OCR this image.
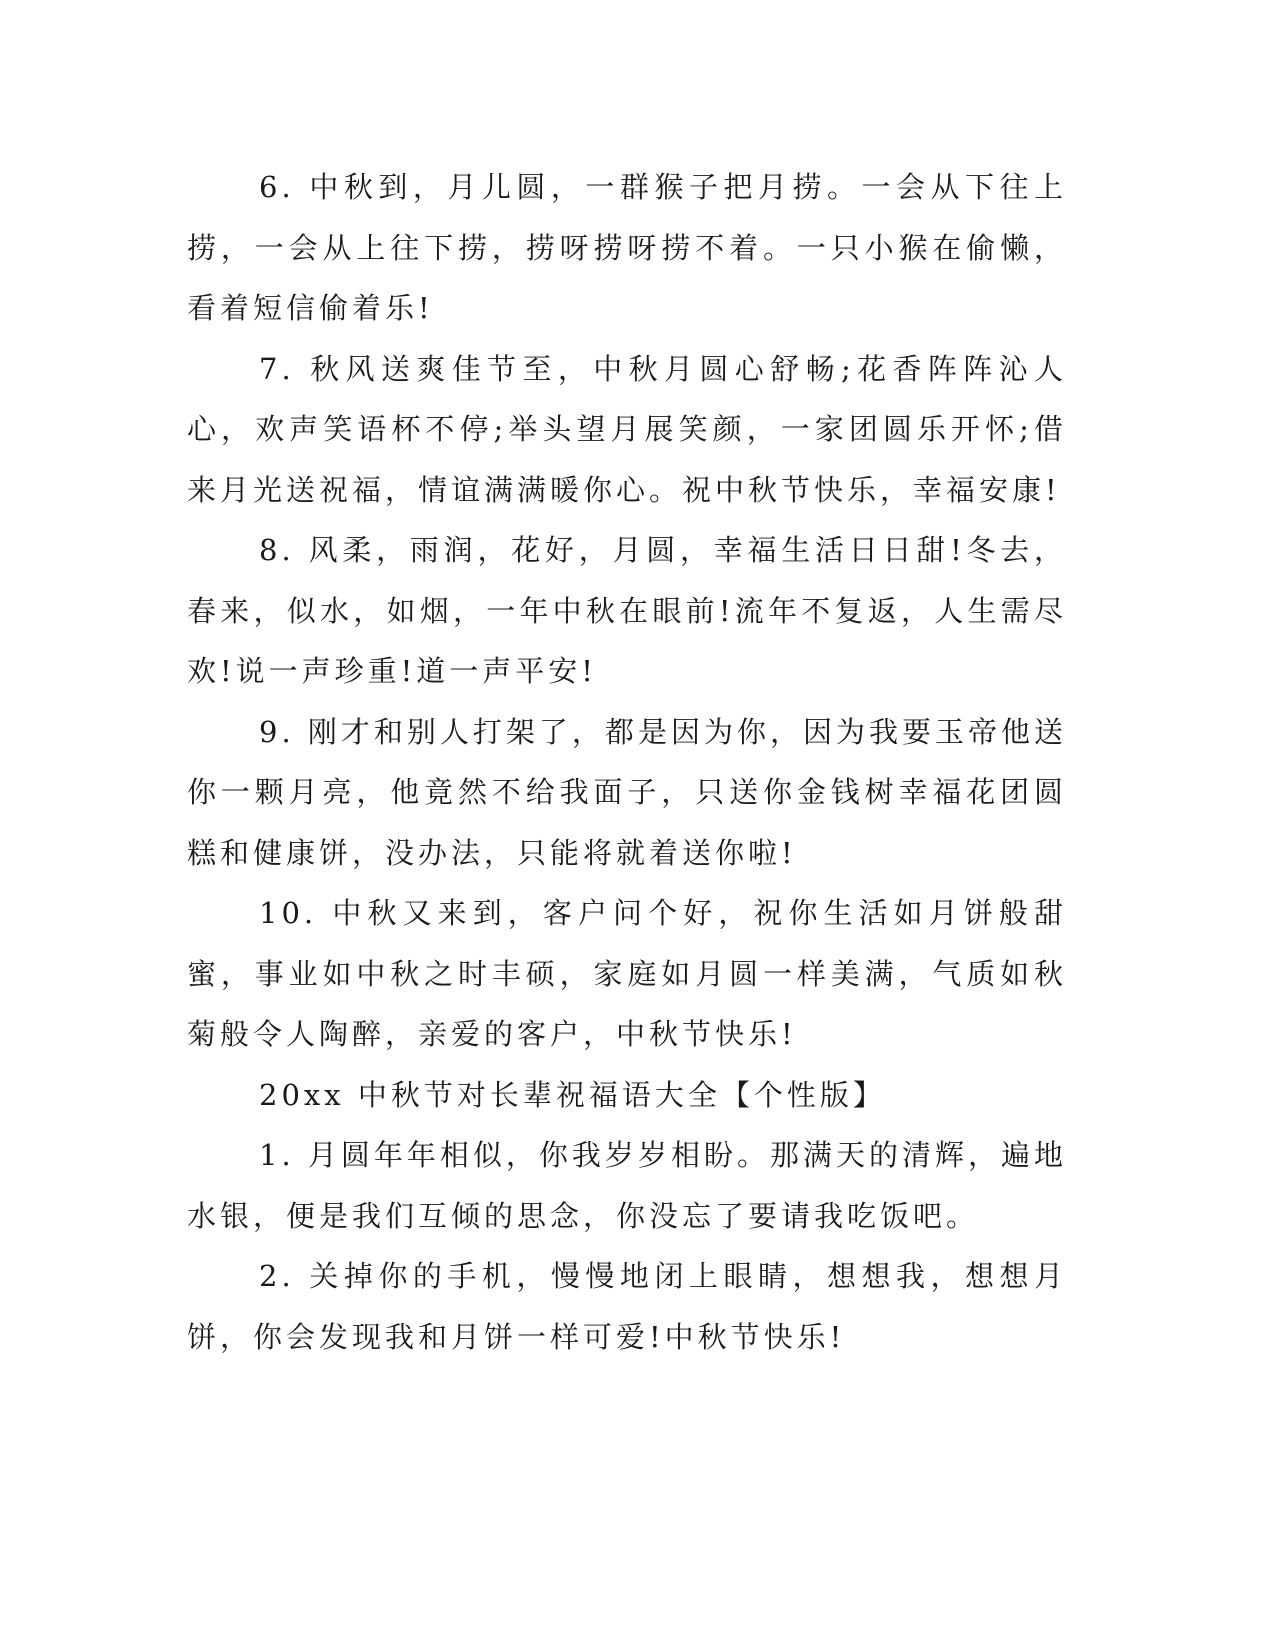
6. 中秋到，月儿圆，一群猴子把月捞。一会从下往上捞，一会从上往下捞，捞呀捞呀捞不着。一只小猴在偷懒，看着短信偷着乐!

7. 秋风送爽佳节至，中秋月圆心舒畅;花香阵阵沁人心，欢声笑语杯不停;举头望月展笑颜，一家团圆乐开怀;借来月光送祝福，情谊满满暖你心。祝中秋节快乐，幸福安康!

8. 风柔，雨润，花好，月圆，幸福生活日日甜!冬去，春来，似水，如烟，一年中秋在眼前!流年不复返，人生需尽欢!说一声珍重!道一声平安!

9. 刚才和别人打架了，都是因为你，因为我要玉帝他送你一颗月亮，他竟然不给我面子，只送你金钱树幸福花团圆糕和健康饼，没办法，只能将就着送你啦!

10. 中秋又来到，客户问个好，祝你生活如月饼般甜蜜，事业如中秋之时丰硕，家庭如月圆一样美满，气质如秋菊般令人陶醉，亲爱的客户，中秋节快乐!

20xx 中秋节对长辈祝福语大全【个性版】

1. 月圆年年相似，你我岁岁相盼。那满天的清辉，遍地水银，便是我们互倾的思念，你没忘了要请我吃饭吧。

2. 关掉你的手机，慢慢地闭上眼睛，想想我，想想月饼，你会发现我和月饼一样可爱!中秋节快乐!
